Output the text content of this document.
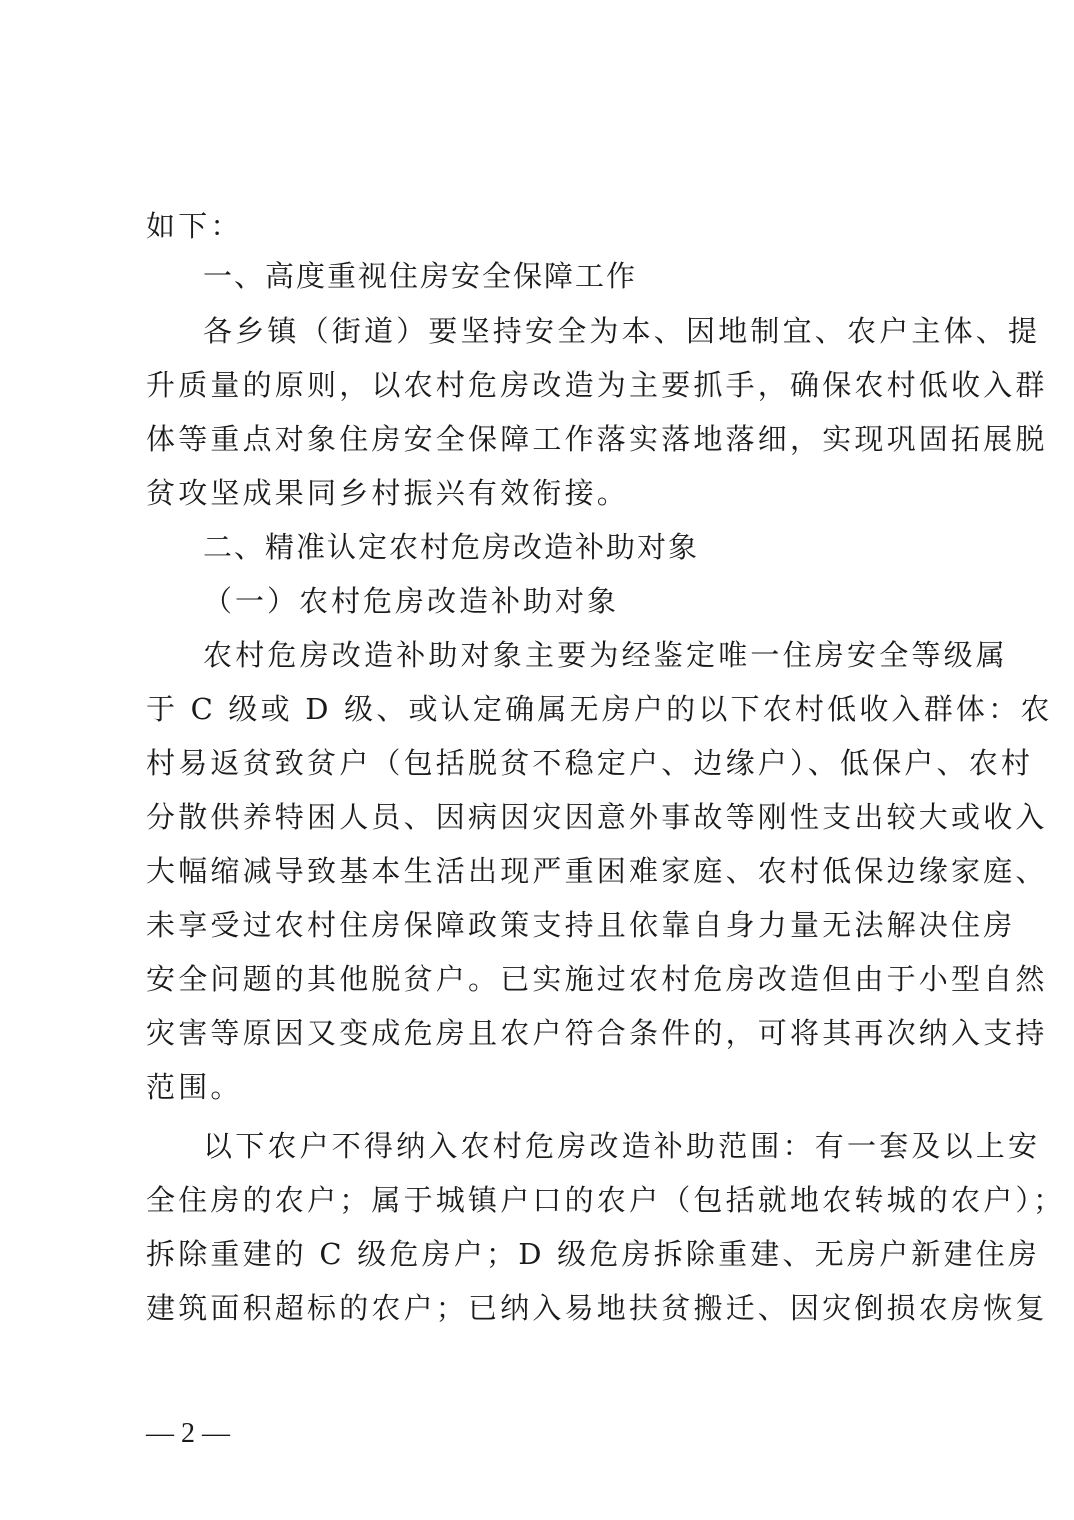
如下：
一、高度重视住房安全保障工作
各乡镇（街道）要坚持安全为本、因地制宜、农户主体、提
升质量的原则，以农村危房改造为主要抓手，确保农村低收入群
体等重点对象住房安全保障工作落实落地落细，实现巩固拓展脱
贫攻坚成果同乡村振兴有效衔接。
二、精准认定农村危房改造补助对象
（一）农村危房改造补助对象
农村危房改造补助对象主要为经鉴定唯一住房安全等级属
于 C 级或 D 级、或认定确属无房户的以下农村低收入群体：农
村易返贫致贫户（包括脱贫不稳定户、边缘户）、低保户、农村
分散供养特困人员、因病因灾因意外事故等刚性支出较大或收入
大幅缩减导致基本生活出现严重困难家庭、农村低保边缘家庭、
未享受过农村住房保障政策支持且依靠自身力量无法解决住房
安全问题的其他脱贫户。已实施过农村危房改造但由于小型自然
灾害等原因又变成危房且农户符合条件的，可将其再次纳入支持
范围。
以下农户不得纳入农村危房改造补助范围：有一套及以上安
全住房的农户；属于城镇户口的农户（包括就地农转城的农户）；
拆除重建的 C 级危房户；D 级危房拆除重建、无房户新建住房
建筑面积超标的农户；已纳入易地扶贫搬迁、因灾倒损农房恢复
— 2 —
